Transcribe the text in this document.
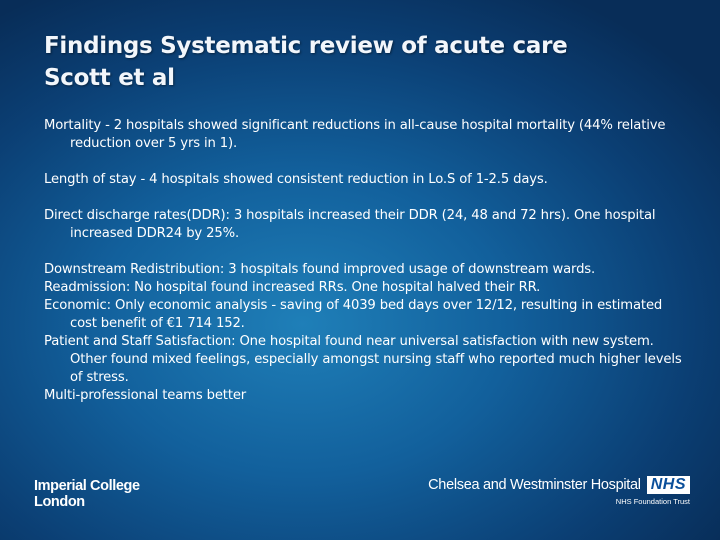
Findings Systematic review of acute care
Scott et al
Mortality - 2 hospitals showed significant reductions in all-cause hospital mortality (44% relative reduction over 5 yrs in 1).
Length of stay - 4 hospitals showed consistent reduction in Lo.S of 1-2.5 days.
Direct discharge rates(DDR): 3 hospitals increased their DDR (24, 48 and 72 hrs). One hospital increased DDR24 by 25%.
Downstream Redistribution: 3 hospitals found improved usage of downstream wards.
Readmission: No hospital found increased RRs. One hospital halved their RR.
Economic: Only economic analysis - saving of 4039 bed days over 12/12, resulting in estimated cost benefit of €1 714 152.
Patient and Staff Satisfaction: One hospital found near universal satisfaction with new system. Other found mixed feelings, especially amongst nursing staff who reported much higher levels of stress.
Multi-professional teams better
Imperial College
London
Chelsea and Westminster Hospital NHS
NHS Foundation Trust
